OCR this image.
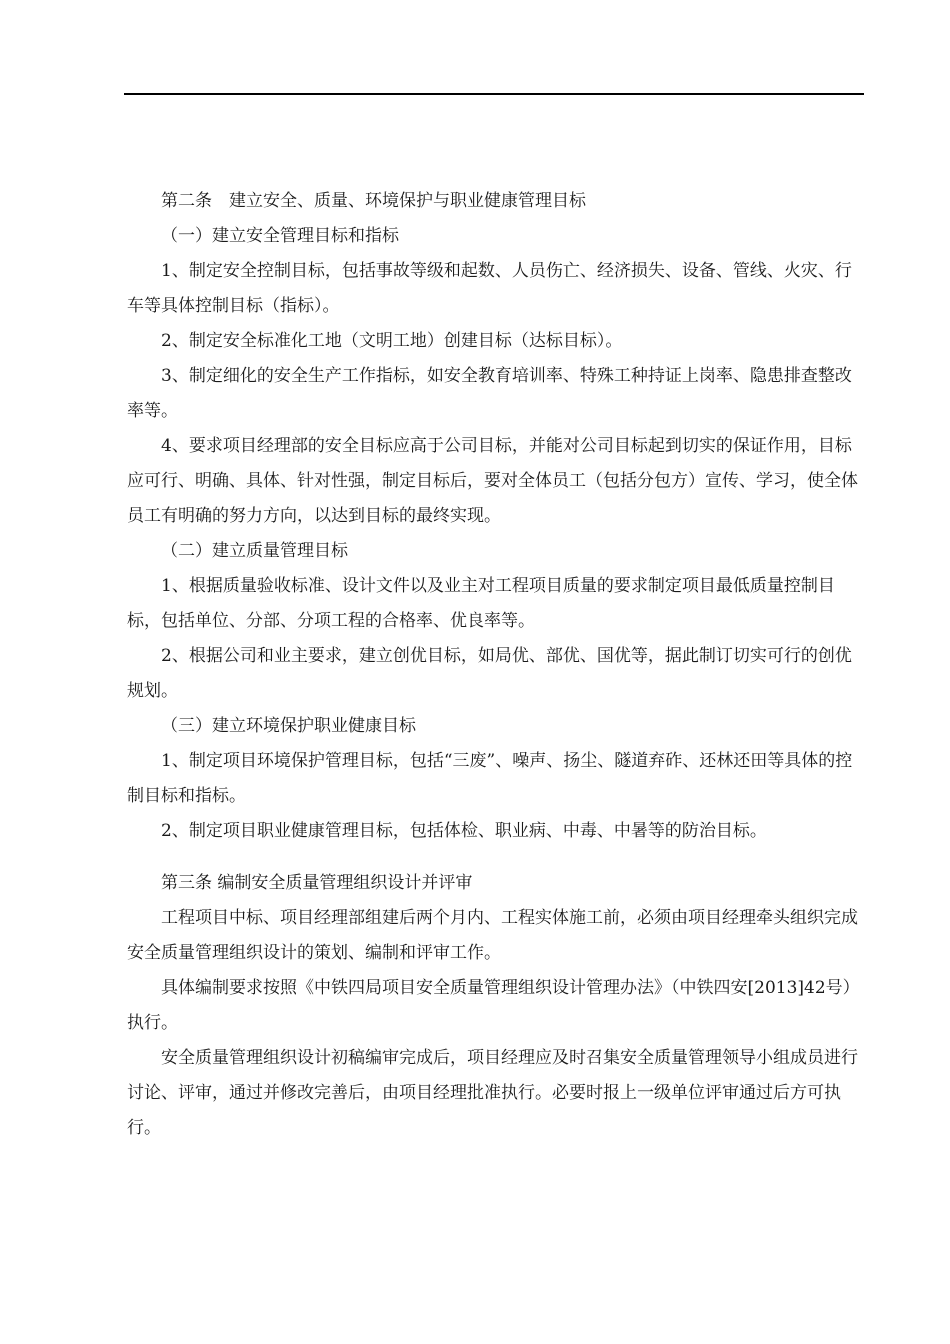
第二条　建立安全、质量、环境保护与职业健康管理目标
（一）建立安全管理目标和指标

1、制定安全控制目标，包括事故等级和起数、人员伤亡、经济损失、设备、管线、火灾、行车等具体控制目标（指标）。

2、制定安全标准化工地（文明工地）创建目标（达标目标）。

3、制定细化的安全生产工作指标，如安全教育培训率、特殊工种持证上岗率、隐患排查整改率等。

4、要求项目经理部的安全目标应高于公司目标，并能对公司目标起到切实的保证作用，目标应可行、明确、具体、针对性强，制定目标后，要对全体员工（包括分包方）宣传、学习，使全体员工有明确的努力方向，以达到目标的最终实现。

（二）建立质量管理目标

1、根据质量验收标准、设计文件以及业主对工程项目质量的要求制定项目最低质量控制目标，包括单位、分部、分项工程的合格率、优良率等。

2、根据公司和业主要求，建立创优目标，如局优、部优、国优等，据此制订切实可行的创优规划。

（三）建立环境保护职业健康目标

1、制定项目环境保护管理目标，包括“三废”、噪声、扬尘、隧道弃砟、还林还田等具体的控制目标和指标。

2、制定项目职业健康管理目标，包括体检、职业病、中毒、中暑等的防治目标。

第三条 编制安全质量管理组织设计并评审

工程项目中标、项目经理部组建后两个月内、工程实体施工前，必须由项目经理牵头组织完成安全质量管理组织设计的策划、编制和评审工作。

具体编制要求按照《中铁四局项目安全质量管理组织设计管理办法》（中铁四安[2013]42号）执行。

安全质量管理组织设计初稿编审完成后，项目经理应及时召集安全质量管理领导小组成员进行讨论、评审，通过并修改完善后，由项目经理批准执行。必要时报上一级单位评审通过后方可执行。
